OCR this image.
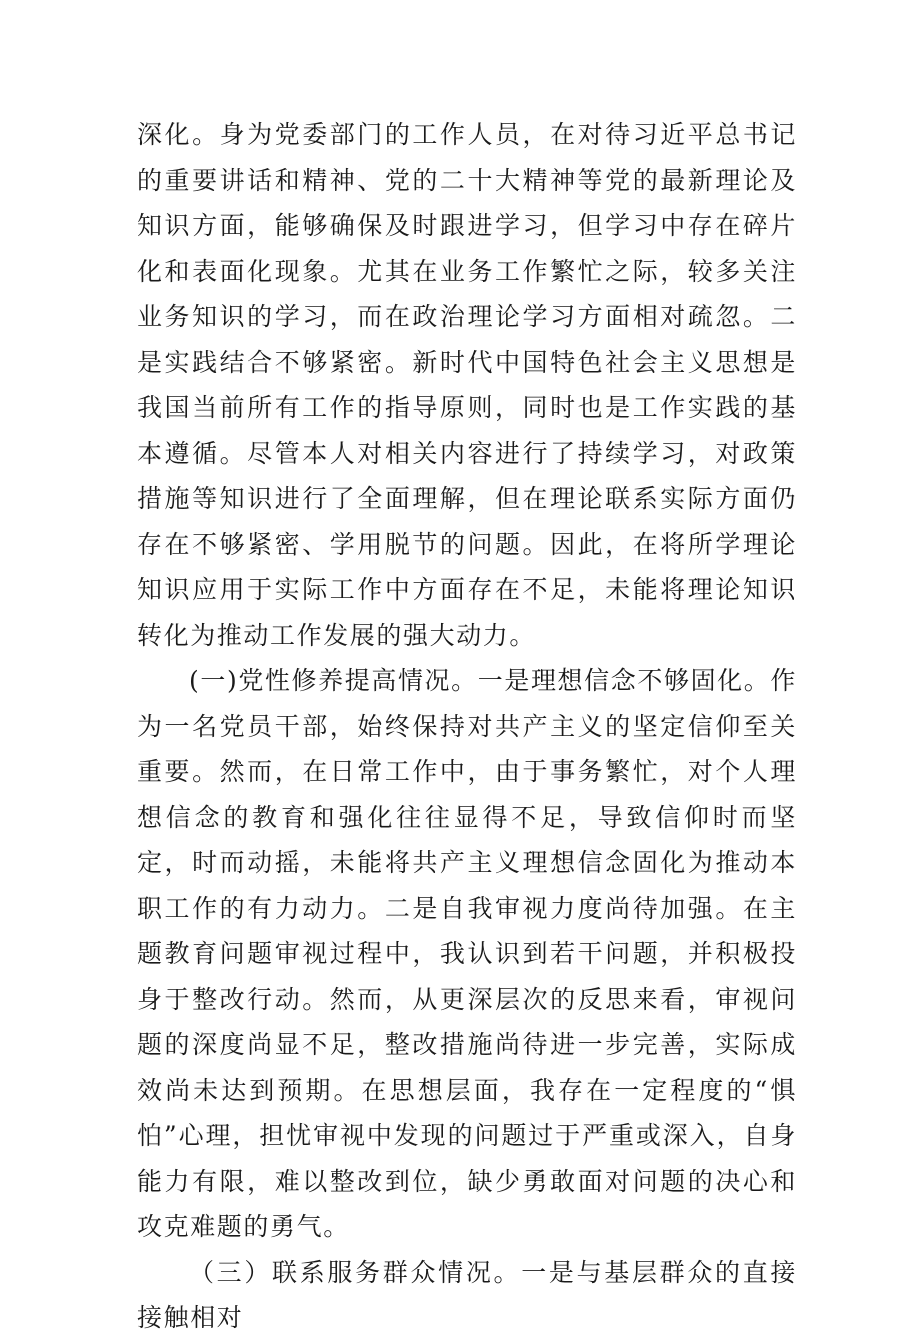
深化。身为党委部门的工作人员，在对待习近平总书记的重要讲话和精神、党的二十大精神等党的最新理论及知识方面，能够确保及时跟进学习，但学习中存在碎片化和表面化现象。尤其在业务工作繁忙之际，较多关注业务知识的学习，而在政治理论学习方面相对疏忽。二是实践结合不够紧密。新时代中国特色社会主义思想是我国当前所有工作的指导原则，同时也是工作实践的基本遵循。尽管本人对相关内容进行了持续学习，对政策措施等知识进行了全面理解，但在理论联系实际方面仍存在不够紧密、学用脱节的问题。因此，在将所学理论知识应用于实际工作中方面存在不足，未能将理论知识转化为推动工作发展的强大动力。

(一)党性修养提高情况。一是理想信念不够固化。作为一名党员干部，始终保持对共产主义的坚定信仰至关重要。然而，在日常工作中，由于事务繁忙，对个人理想信念的教育和强化往往显得不足，导致信仰时而坚定，时而动摇，未能将共产主义理想信念固化为推动本职工作的有力动力。二是自我审视力度尚待加强。在主题教育问题审视过程中，我认识到若干问题，并积极投身于整改行动。然而，从更深层次的反思来看，审视问题的深度尚显不足，整改措施尚待进一步完善，实际成效尚未达到预期。在思想层面，我存在一定程度的“惧怕”心理，担忧审视中发现的问题过于严重或深入，自身能力有限，难以整改到位，缺少勇敢面对问题的决心和攻克难题的勇气。

（三）联系服务群众情况。一是与基层群众的直接接触相对
